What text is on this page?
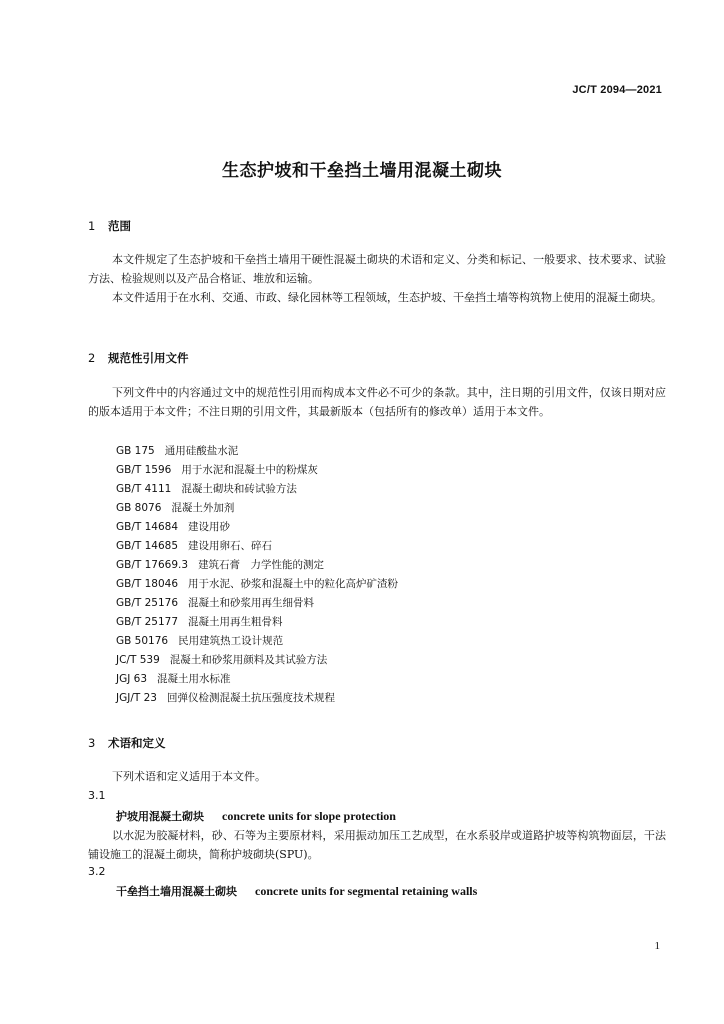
JC/T 2094—2021
生态护坡和干垒挡土墙用混凝土砌块
1 范围
本文件规定了生态护坡和干垒挡土墙用干硬性混凝土砌块的术语和定义、分类和标记、一般要求、技术要求、试验方法、检验规则以及产品合格证、堆放和运输。
本文件适用于在水利、交通、市政、绿化园林等工程领域，生态护坡、干垒挡土墙等构筑物上使用的混凝土砌块。
2 规范性引用文件
下列文件中的内容通过文中的规范性引用而构成本文件必不可少的条款。其中，注日期的引用文件，仅该日期对应的版本适用于本文件；不注日期的引用文件，其最新版本（包括所有的修改单）适用于本文件。
GB 175 通用硅酸盐水泥
GB/T 1596 用于水泥和混凝土中的粉煤灰
GB/T 4111 混凝土砌块和砖试验方法
GB 8076 混凝土外加剂
GB/T 14684 建设用砂
GB/T 14685 建设用卵石、碎石
GB/T 17669.3 建筑石膏　力学性能的测定
GB/T 18046 用于水泥、砂浆和混凝土中的粒化高炉矿渣粉
GB/T 25176 混凝土和砂浆用再生细骨料
GB/T 25177 混凝土用再生粗骨料
GB 50176 民用建筑热工设计规范
JC/T 539 混凝土和砂浆用颜料及其试验方法
JGJ 63 混凝土用水标准
JGJ/T 23 回弹仪检测混凝土抗压强度技术规程
3 术语和定义
下列术语和定义适用于本文件。
3.1
护坡用混凝土砌块 concrete units for slope protection
以水泥为胶凝材料，砂、石等为主要原材料，采用振动加压工艺成型，在水系驳岸或道路护坡等构筑物面层，干法铺设施工的混凝土砌块，简称护坡砌块(SPU)。
3.2
干垒挡土墙用混凝土砌块 concrete units for segmental retaining walls
1
